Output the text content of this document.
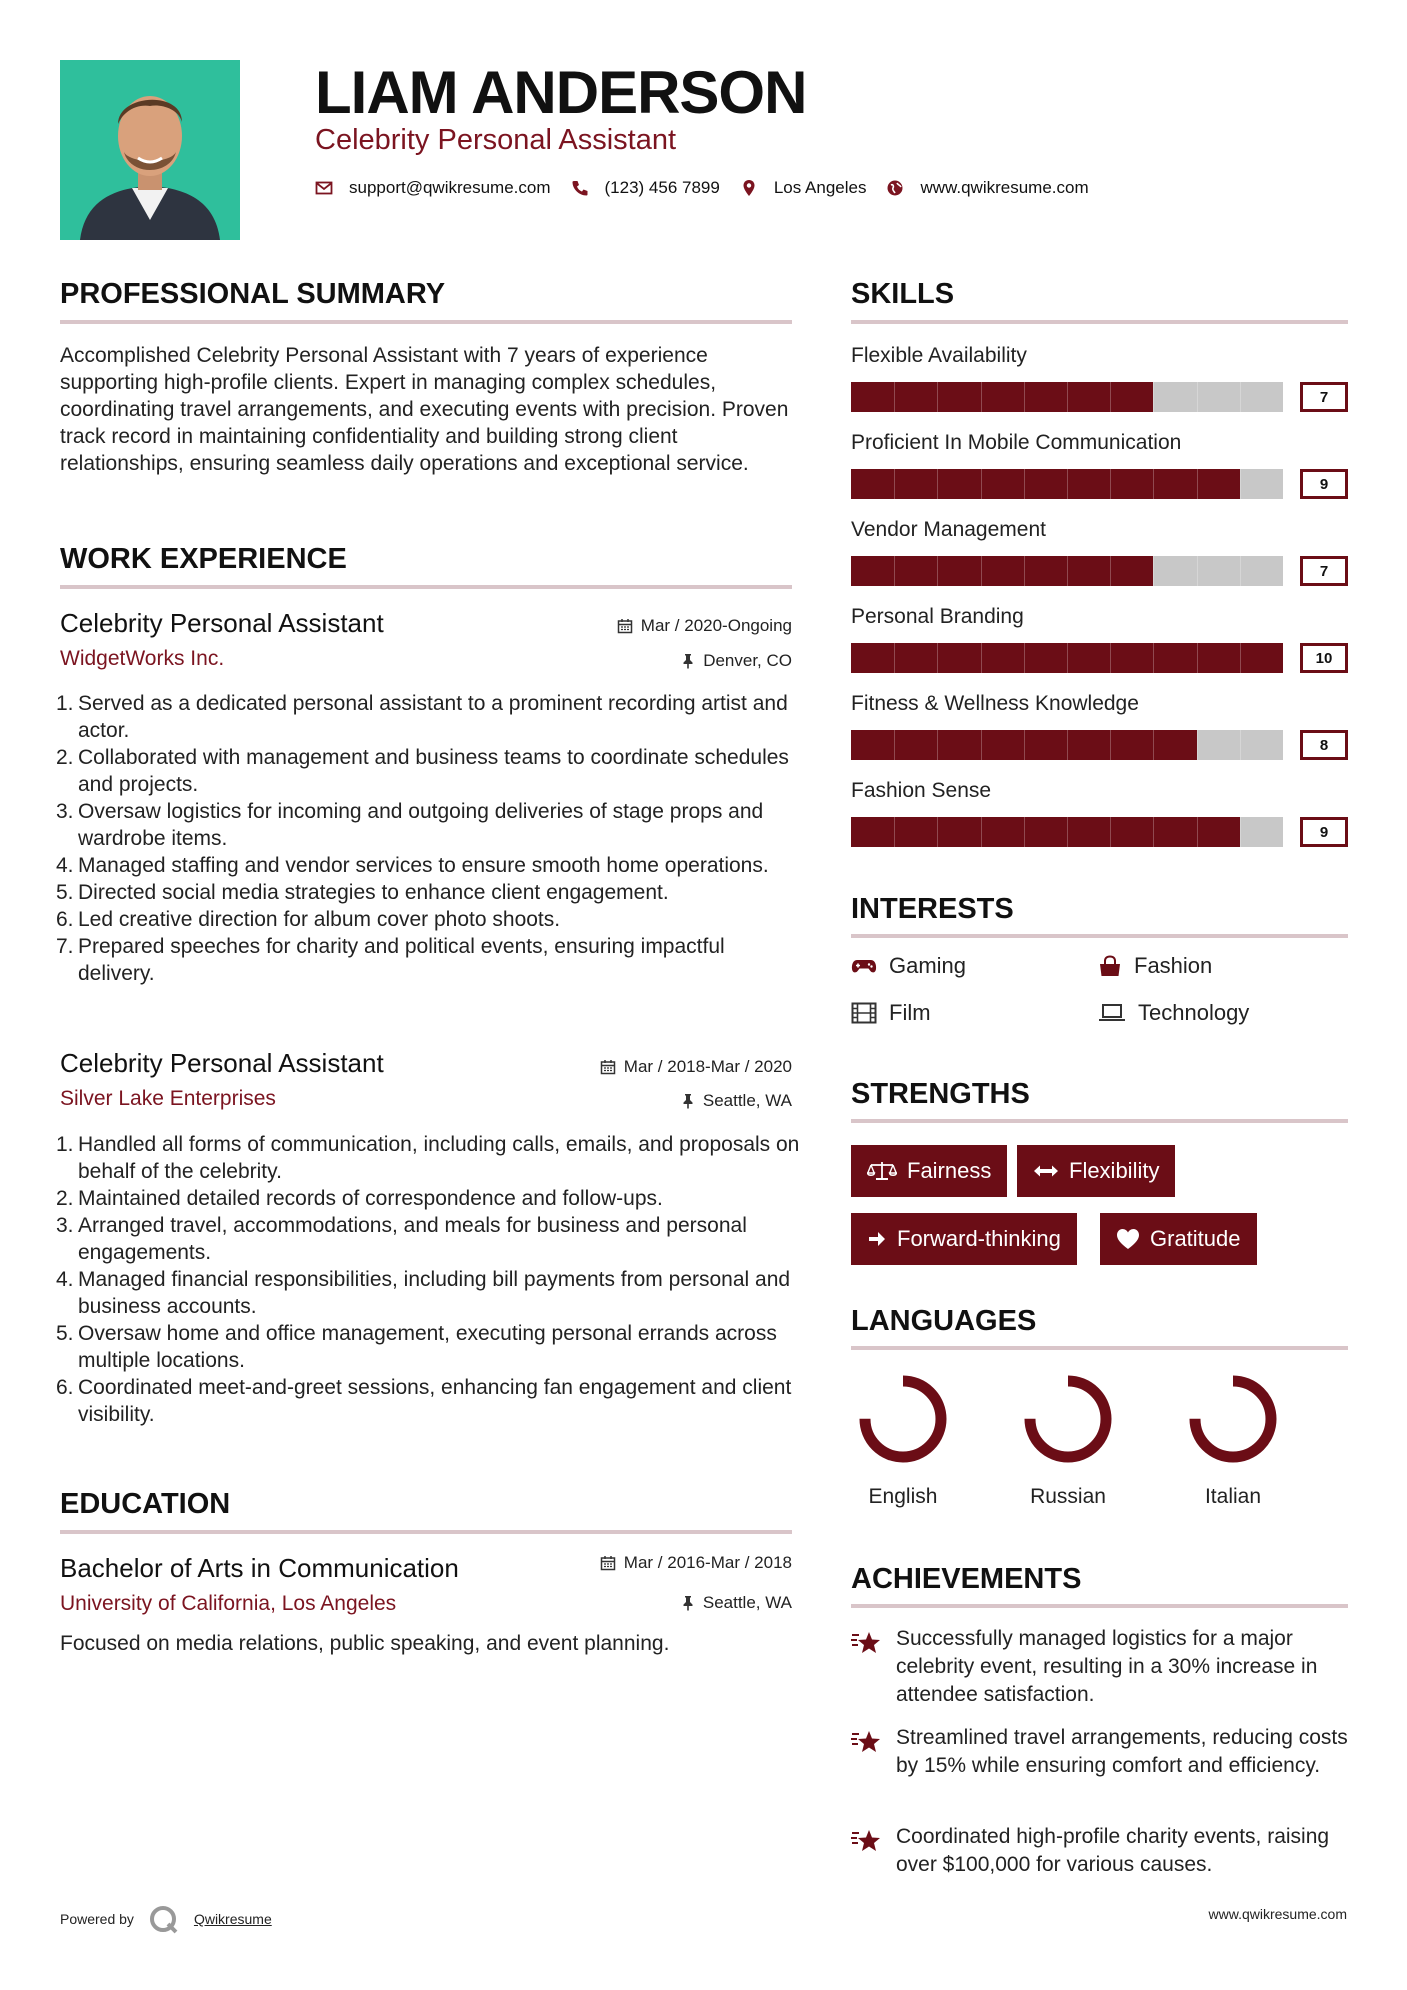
LIAM ANDERSON
Celebrity Personal Assistant
support@qwikresume.com	(123) 456 7899	Los Angeles	www.qwikresume.com
PROFESSIONAL SUMMARY
Accomplished Celebrity Personal Assistant with 7 years of experience supporting high-profile clients. Expert in managing complex schedules, coordinating travel arrangements, and executing events with precision. Proven track record in maintaining confidentiality and building strong client relationships, ensuring seamless daily operations and exceptional service.
WORK EXPERIENCE
Celebrity Personal Assistant	Mar / 2020-Ongoing
WidgetWorks Inc.	Denver, CO
1. Served as a dedicated personal assistant to a prominent recording artist and actor.
2. Collaborated with management and business teams to coordinate schedules and projects.
3. Oversaw logistics for incoming and outgoing deliveries of stage props and wardrobe items.
4. Managed staffing and vendor services to ensure smooth home operations.
5. Directed social media strategies to enhance client engagement.
6. Led creative direction for album cover photo shoots.
7. Prepared speeches for charity and political events, ensuring impactful delivery.
Celebrity Personal Assistant	Mar / 2018-Mar / 2020
Silver Lake Enterprises	Seattle, WA
1. Handled all forms of communication, including calls, emails, and proposals on behalf of the celebrity.
2. Maintained detailed records of correspondence and follow-ups.
3. Arranged travel, accommodations, and meals for business and personal engagements.
4. Managed financial responsibilities, including bill payments from personal and business accounts.
5. Oversaw home and office management, executing personal errands across multiple locations.
6. Coordinated meet-and-greet sessions, enhancing fan engagement and client visibility.
EDUCATION
Bachelor of Arts in Communication	Mar / 2016-Mar / 2018
University of California, Los Angeles	Seattle, WA
Focused on media relations, public speaking, and event planning.
SKILLS
Flexible Availability
7
Proficient In Mobile Communication
9
Vendor Management
7
Personal Branding
10
Fitness & Wellness Knowledge
8
Fashion Sense
9
INTERESTS
Gaming	Fashion
Film	Technology
STRENGTHS
Fairness	Flexibility
Forward-thinking	Gratitude
LANGUAGES
English	Russian	Italian
ACHIEVEMENTS
Successfully managed logistics for a major celebrity event, resulting in a 30% increase in attendee satisfaction.
Streamlined travel arrangements, reducing costs by 15% while ensuring comfort and efficiency.
Coordinated high-profile charity events, raising over $100,000 for various causes.
Powered by	Qwikresume	www.qwikresume.com
